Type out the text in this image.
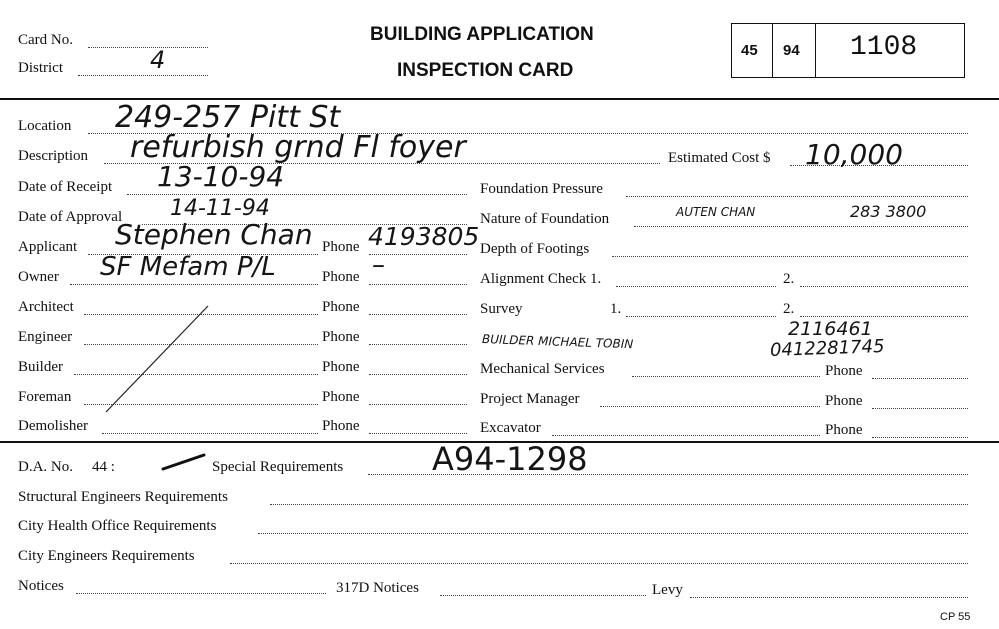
Card No.
District	4
BUILDING APPLICATION
INSPECTION CARD
45 94 1108
Location 249-257 Pitt St
Description refurbish grnd Fl foyer	Estimated Cost $ 10,000
Date of Receipt 13-10-94
Date of Approval 14-11-94
Applicant Stephen Chan Phone 4193805
Owner SF Mefam P/L	Phone –
Architect	Phone
Engineer	Phone
Builder	Phone
Foreman	Phone
Demolisher	Phone
Foundation Pressure
Nature of Foundation	AUTEN CHAN	283 3800
Depth of Footings
Alignment Check 1.	2.
Survey	1.	2.
BUILDER MICHAEL TOBIN
2116461
0412281745
Mechanical Services	Phone
Project Manager	Phone
Excavator	Phone
D.A. No. 44 :	Special Requirements	A94-1298
Structural Engineers Requirements
City Health Office Requirements
City Engineers Requirements
Notices	317D Notices	Levy
CP 55
